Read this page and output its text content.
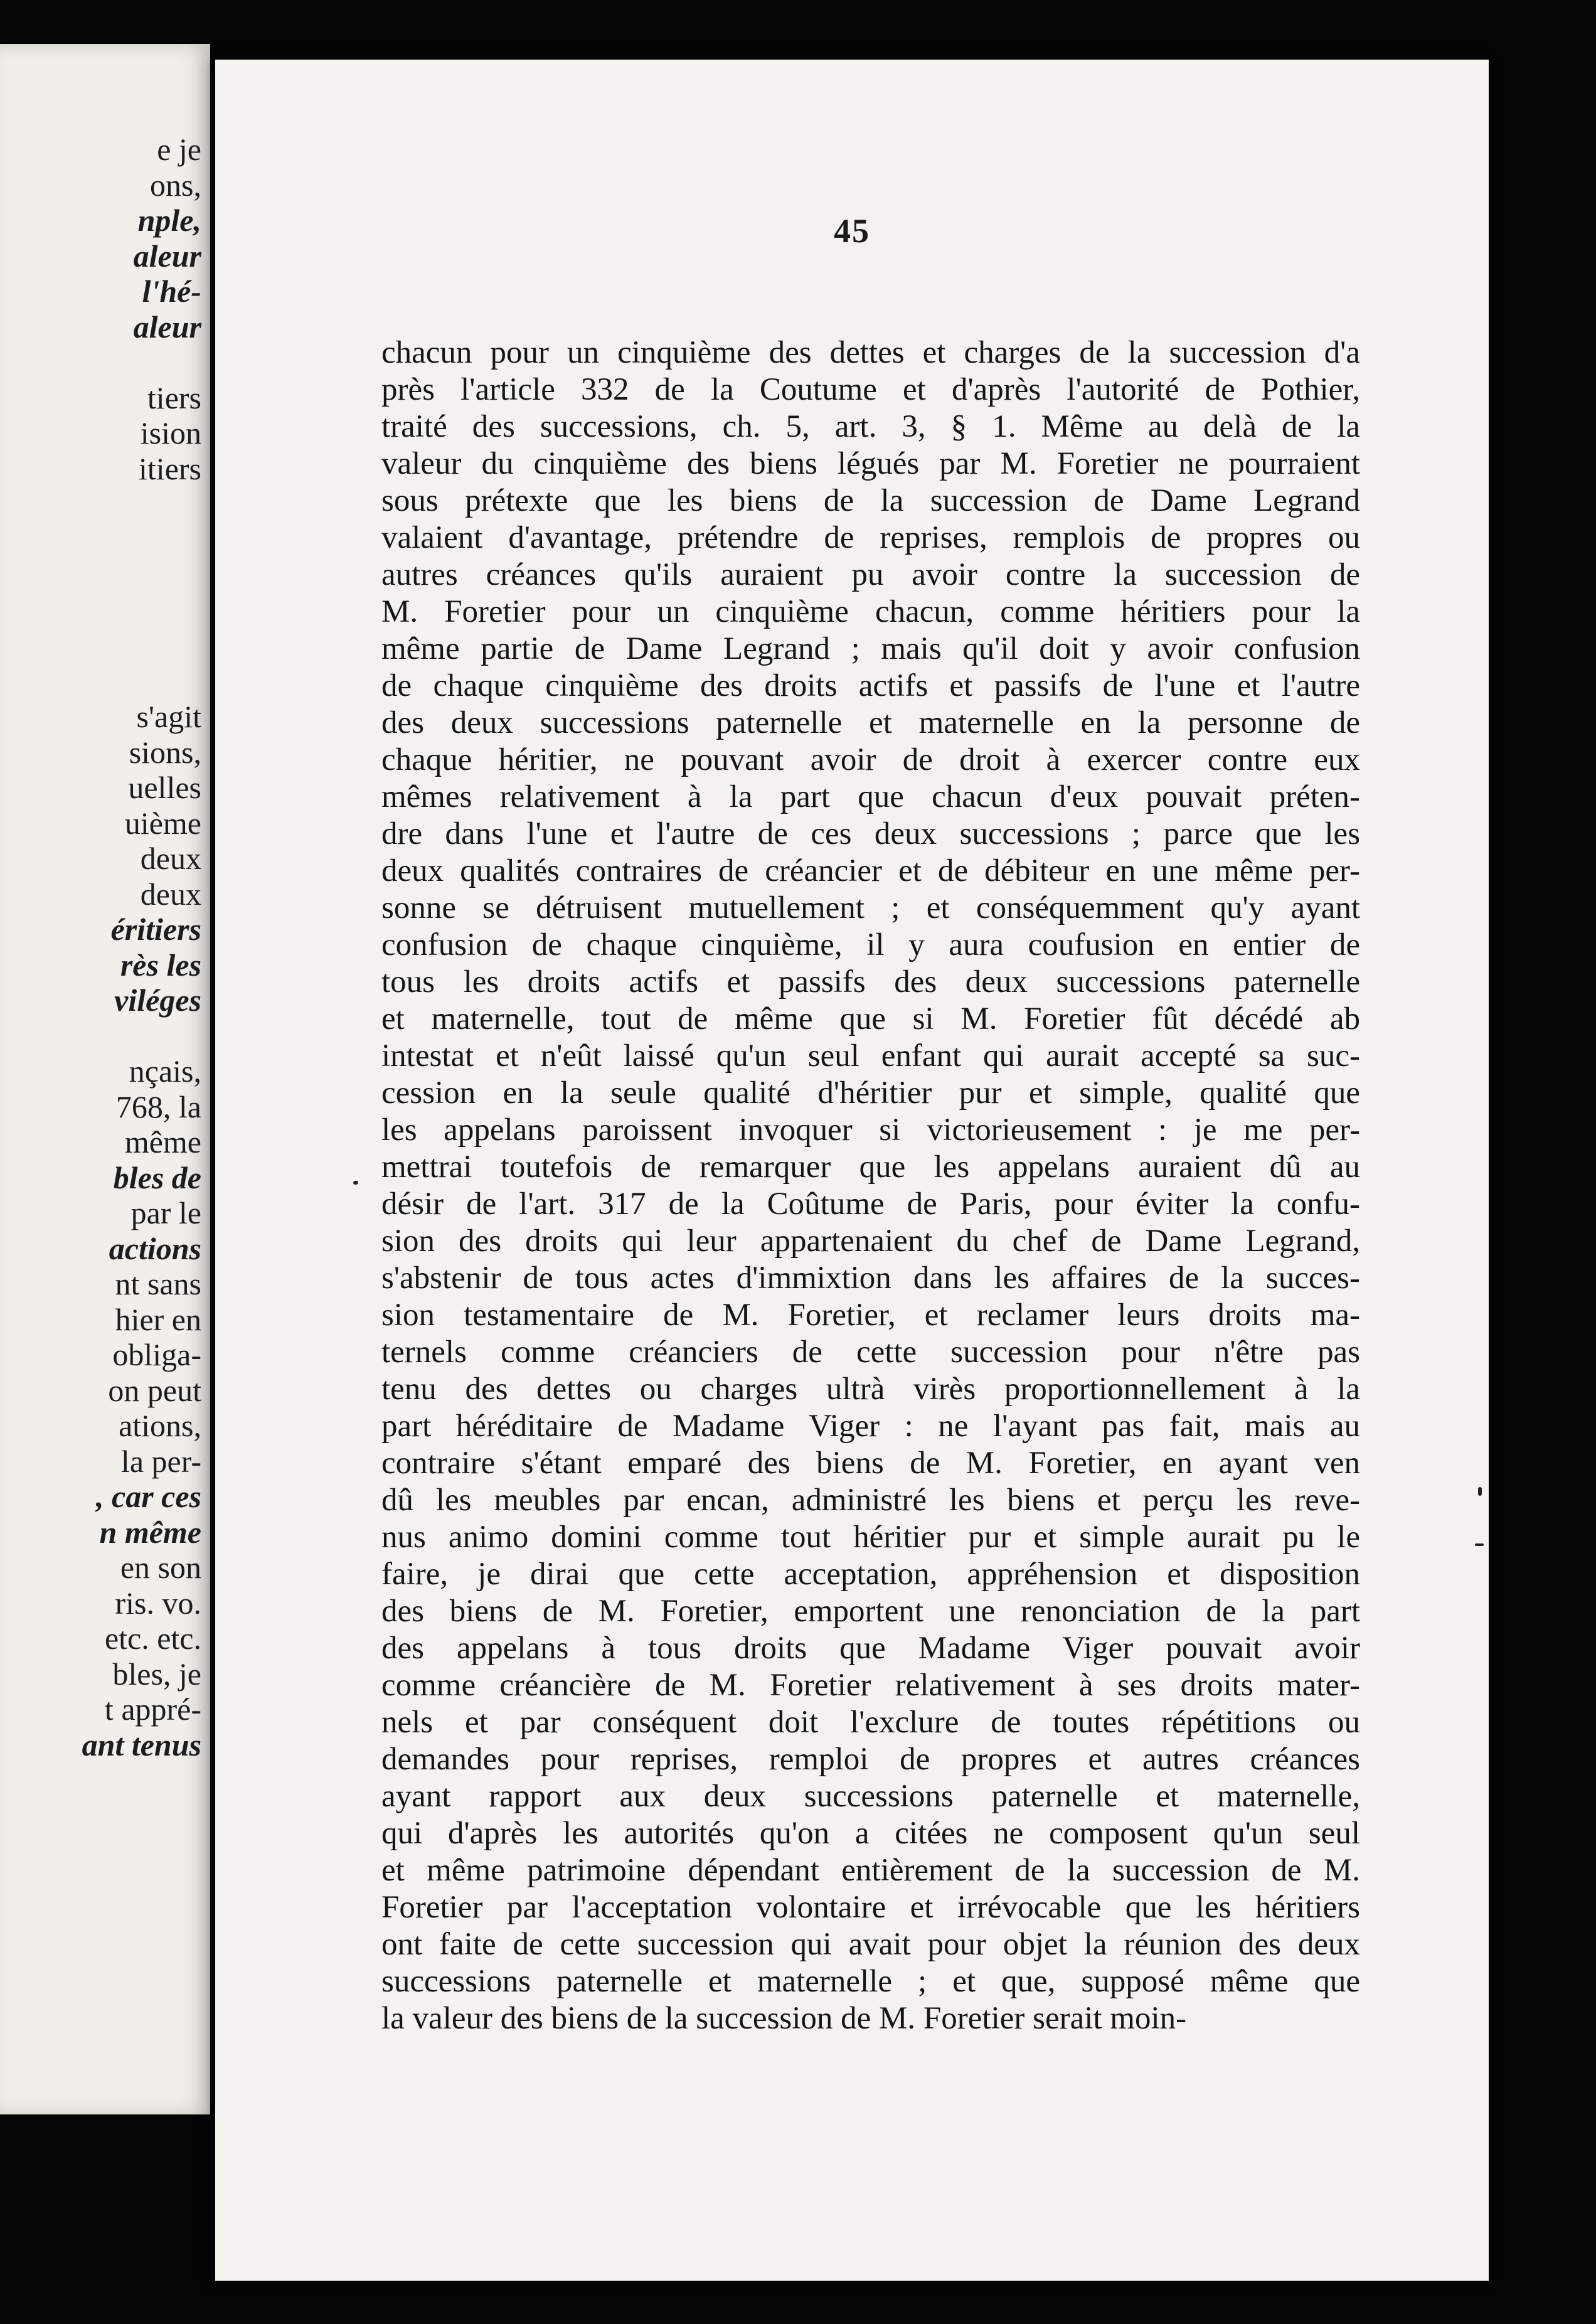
e je
ons,
nple,
aleur
l'hé-
aleur
tiers
ision
itiers
s'agit
sions,
uelles
uième
deux
deux
éritiers
rès les
viléges
nçais,
768, la
même
bles de
par le
actions
nt sans
hier en
obliga-
on peut
ations,
la per-
, car ces
n même
en son
ris. vo.
etc. etc.
bles, je
t appré-
ant tenus
45
chacun pour un cinquième des dettes et charges de la succession d'a
près l'article 332 de la Coutume et d'après l'autorité de Pothier,
traité des successions, ch. 5, art. 3, § 1. Même au delà de la
valeur du cinquième des biens légués par M. Foretier ne pourraient
sous prétexte que les biens de la succession de Dame Legrand
valaient d'avantage, prétendre de reprises, remplois de propres ou
autres créances qu'ils auraient pu avoir contre la succession de
M. Foretier pour un cinquième chacun, comme héritiers pour la
même partie de Dame Legrand ; mais qu'il doit y avoir confusion
de chaque cinquième des droits actifs et passifs de l'une et l'autre
des deux successions paternelle et maternelle en la personne de
chaque héritier, ne pouvant avoir de droit à exercer contre eux
mêmes relativement à la part que chacun d'eux pouvait préten-
dre dans l'une et l'autre de ces deux successions ; parce que les
deux qualités contraires de créancier et de débiteur en une même per-
sonne se détruisent mutuellement ; et conséquemment qu'y ayant
confusion de chaque cinquième, il y aura coufusion en entier de
tous les droits actifs et passifs des deux successions paternelle
et maternelle, tout de même que si M. Foretier fût décédé ab
intestat et n'eût laissé qu'un seul enfant qui aurait accepté sa suc-
cession en la seule qualité d'héritier pur et simple, qualité que
les appelans paroissent invoquer si victorieusement : je me per-
mettrai toutefois de remarquer que les appelans auraient dû au
désir de l'art. 317 de la Coûtume de Paris, pour éviter la confu-
sion des droits qui leur appartenaient du chef de Dame Legrand,
s'abstenir de tous actes d'immixtion dans les affaires de la succes-
sion testamentaire de M. Foretier, et reclamer leurs droits ma-
ternels comme créanciers de cette succession pour n'être pas
tenu des dettes ou charges ultrà virès proportionnellement à la
part héréditaire de Madame Viger : ne l'ayant pas fait, mais au
contraire s'étant emparé des biens de M. Foretier, en ayant ven
dû les meubles par encan, administré les biens et perçu les reve-
nus animo domini comme tout héritier pur et simple aurait pu le
faire, je dirai que cette acceptation, appréhension et disposition
des biens de M. Foretier, emportent une renonciation de la part
des appelans à tous droits que Madame Viger pouvait avoir
comme créancière de M. Foretier relativement à ses droits mater-
nels et par conséquent doit l'exclure de toutes répétitions ou
demandes pour reprises, remploi de propres et autres créances
ayant rapport aux deux successions paternelle et maternelle,
qui d'après les autorités qu'on a citées ne composent qu'un seul
et même patrimoine dépendant entièrement de la succession de M.
Foretier par l'acceptation volontaire et irrévocable que les héritiers
ont faite de cette succession qui avait pour objet la réunion des deux
successions paternelle et maternelle ; et que, supposé même que
la valeur des biens de la succession de M. Foretier serait moin-
